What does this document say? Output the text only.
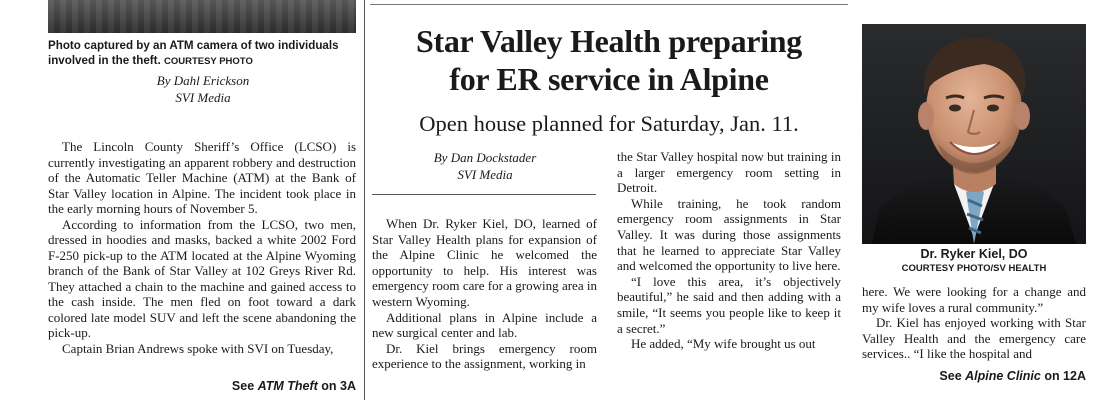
Photo captured by an ATM camera of two individuals involved in the theft. COURTESY PHOTO
By Dahl Erickson
SVI Media

The Lincoln County Sheriff’s Office (LCSO) is currently investigating an apparent robbery and destruction of the Automatic Teller Machine (ATM) at the Bank of Star Valley location in Alpine. The incident took place in the early morning hours of November 5.

According to information from the LCSO, two men, dressed in hoodies and masks, backed a white 2002 Ford F-250 pick-up to the ATM located at the Alpine Wyoming branch of the Bank of Star Valley at 102 Greys River Rd. They attached a chain to the machine and gained access to the cash inside. The men fled on foot toward a dark colored late model SUV and left the scene abandoning the pick-up.

Captain Brian Andrews spoke with SVI on Tuesday,

See ATM Theft on 3A
Star Valley Health preparing
for ER service in Alpine
Open house planned for Saturday, Jan. 11.
By Dan Dockstader
SVI Media

When Dr. Ryker Kiel, DO, learned of Star Valley Health plans for expansion of the Alpine Clinic he welcomed the opportunity to help. His interest was emergency room care for a growing area in western Wyoming.

Additional plans in Alpine include a new surgical center and lab.

Dr. Kiel brings emergency room experience to the assignment, working in

the Star Valley hospital now but training in a larger emergency room setting in Detroit.

While training, he took random emergency room assignments in Star Valley. It was during those assignments that he learned to appreciate Star Valley and welcomed the opportunity to live here.

“I love this area, it’s objectively beautiful,” he said and then adding with a smile, “It seems you people like to keep it a secret.”

He added, “My wife brought us out

Dr. Ryker Kiel, DO
COURTESY PHOTO/SV HEALTH

here. We were looking for a change and my wife loves a rural community.”

Dr. Kiel has enjoyed working with Star Valley Health and the emergency care services.. “I like the hospital and

See Alpine Clinic on 12A
